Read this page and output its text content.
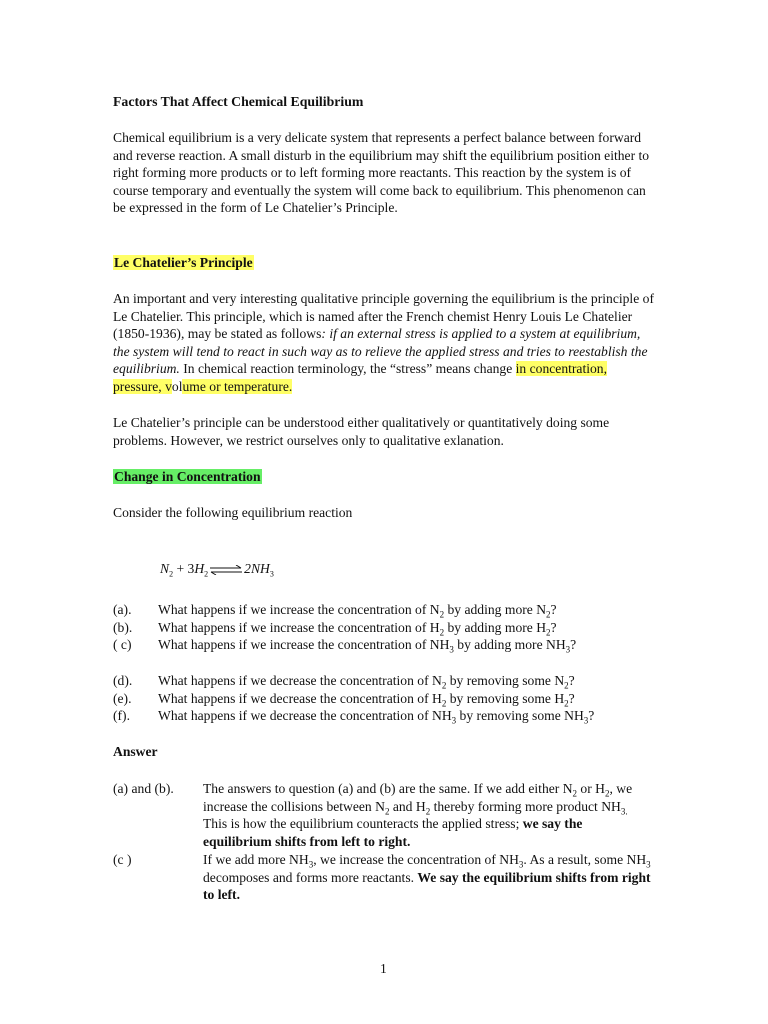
Factors That Affect Chemical Equilibrium

Chemical equilibrium is a very delicate system that represents a perfect balance between forward and reverse reaction. A small disturb in the equilibrium may shift the equilibrium position either to right forming more products or to left forming more reactants. This reaction by the system is of course temporary and eventually the system will come back to equilibrium. This phenomenon can be expressed in the form of Le Chatelier’s Principle.

Le Chatelier’s Principle

An important and very interesting qualitative principle governing the equilibrium is the principle of Le Chatelier. This principle, which is named after the French chemist Henry Louis Le Chatelier (1850-1936), may be stated as follows: if an external stress is applied to a system at equilibrium, the system will tend to react in such way as to relieve the applied stress and tries to reestablish the equilibrium. In chemical reaction terminology, the “stress” means change in concentration, pressure, volume or temperature.

Le Chatelier’s principle can be understood either qualitatively or quantitatively doing some problems. However, we restrict ourselves only to qualitative exlanation.

Change in Concentration

Consider the following equilibrium reaction

$N_2$ + $3H_2\rightleftharpoons 2NH_3$
(a). What happens if we increase the concentration of $N_2$ by adding more $N_2$?
(b). What happens if we increase the concentration of $H_2$ by adding more $H_2$?
( c) What happens if we increase the concentration of $NH_3$ by adding more $NH_3$?
(d). What happens if we decrease the concentration of $N_2$ by removing some $N_2$?
(e). What happens if we decrease the concentration of $H_2$ by removing some $H_2$?
(f). What happens if we decrease the concentration of $NH_3$ by removing some $NH_3$?
Answer
(a) and (b). The answers to question (a) and (b) are the same. If we add either $N_2$ or $H_2$, we increase the collisions between $N_2$ and $H_2$ thereby forming more product $NH_{3.}$ This is how the equilibrium counteracts the applied stress; we say the equilibrium shifts from left to right.
(c )	If we add more $NH_3$, we increase the concentration of $NH_3$. As a result, some $NH_3$ decomposes and forms more reactants. We say the equilibrium shifts from right to left.
1
